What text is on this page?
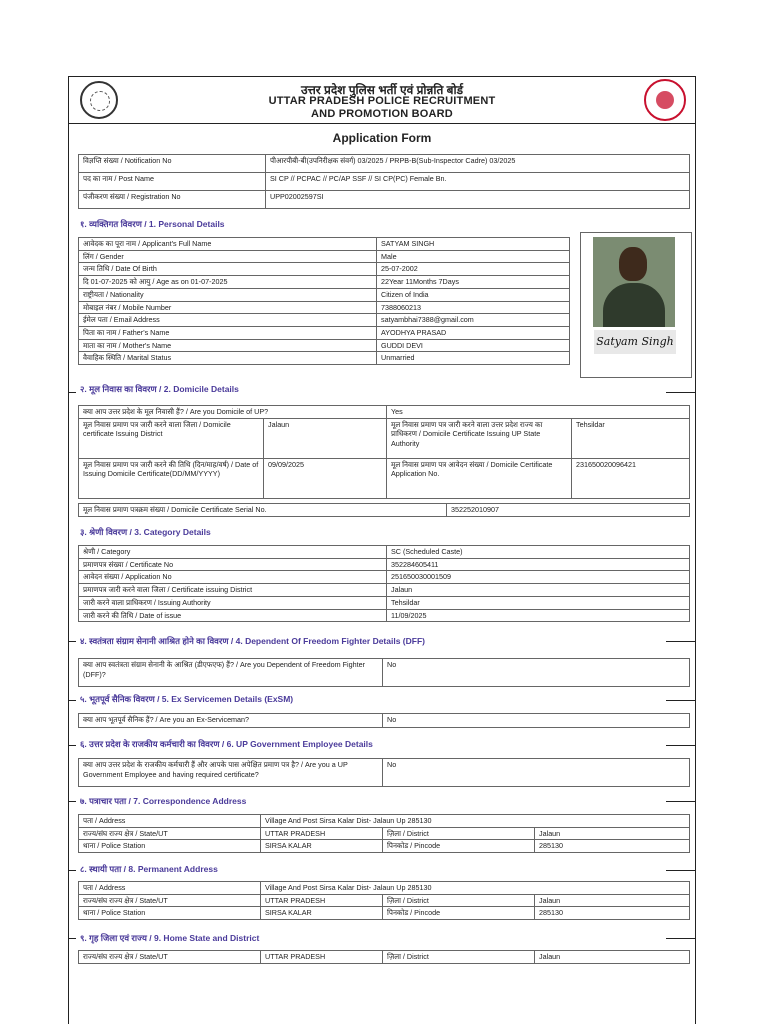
उत्तर प्रदेश पुलिस भर्ती एवं प्रोन्नति बोर्ड
UTTAR PRADESH POLICE RECRUITMENT
AND PROMOTION BOARD
Application Form
विज्ञप्ति संख्या / Notification No	पीआरपीबी-बी(उपनिरीक्षक संवर्ग) 03/2025 / PRPB-B(Sub-Inspector Cadre) 03/2025
पद का नाम / Post Name	SI CP // PCPAC // PC/AP SSF // SI CP(PC) Female Bn.
पंजीकरण संख्या / Registration No	UPP02002597SI
१. व्यक्तिगत विवरण / 1. Personal Details
आवेदक का पूरा नाम / Applicant's Full Name	SATYAM SINGH
लिंग / Gender	Male
जन्म तिथि / Date Of Birth	25-07-2002
दि 01-07-2025 को आयु / Age as on 01-07-2025	22Year 11Months 7Days
राष्ट्रीयता / Nationality	Citizen of India
मोबाइल नंबर / Mobile Number	7388060213
ईमेल पता / Email Address	satyambhai7388@gmail.com
पिता का नाम / Father's Name	AYODHYA PRASAD
माता का नाम / Mother's Name	GUDDI DEVI
वैवाहिक स्थिति / Marital Status	Unmarried
Satyam Singh
२. मूल निवास का विवरण / 2. Domicile Details
क्या आप उत्तर प्रदेश के मूल निवासी हैं? / Are you Domicile of UP?		Yes	
मूल निवास प्रमाण पत्र जारी करने वाला जिला / Domicile certificate Issuing District	Jalaun	मूल निवास प्रमाण पत्र जारी करने वाला उत्तर प्रदेश राज्य का प्राधिकरण / Domicile Certificate Issuing UP State Authority	Tehsildar
मूल निवास प्रमाण पत्र जारी करने की तिथि (दिन/माह/वर्ष) / Date of Issuing Domicile Certificate(DD/MM/YYYY)	09/09/2025	मूल निवास प्रमाण पत्र आवेदन संख्या / Domicile Certificate Application No.	231650020096421
मूल निवास प्रमाण पत्रक्रम संख्या / Domicile Certificate Serial No.	352252010907
३. श्रेणी विवरण / 3. Category Details
श्रेणी / Category	SC (Scheduled Caste)
प्रमाणपत्र संख्या / Certificate No	352284605411
आवेदन संख्या / Application No	251650030001509
प्रमाणपत्र जारी करने वाला जिला / Certificate issuing District	Jalaun
जारी करने वाला प्राधिकरण / Issuing Authority	Tehsildar
जारी करने की तिथि / Date of issue	11/09/2025
४. स्वतंत्रता संग्राम सेनानी आश्रित होने का विवरण / 4. Dependent Of Freedom Fighter Details (DFF)
क्या आप स्वतंत्रता संग्राम सेनानी के आश्रित (डीएफएफ) हैं? / Are you Dependent of Freedom Fighter (DFF)?	No
५. भूतपूर्व सैनिक विवरण / 5. Ex Servicemen Details (ExSM)
क्या आप भूतपूर्व सैनिक हैं? / Are you an Ex-Serviceman?	No
६. उत्तर प्रदेश के राजकीय कर्मचारी का विवरण / 6. UP Government Employee Details
क्या आप उत्तर प्रदेश के राजकीय कर्मचारी हैं और आपके पास अपेक्षित प्रमाण पत्र है? / Are you a UP Government Employee and having required certificate?	No
७. पत्राचार पता / 7. Correspondence Address
पता / Address	Village And Post Sirsa Kalar Dist- Jalaun Up 285130		
राज्य/संघ राज्य क्षेत्र / State/UT	UTTAR PRADESH	ज़िला / District	Jalaun
थाना / Police Station	SIRSA KALAR	पिनकोड / Pincode	285130
८. स्थायी पता / 8. Permanent Address
पता / Address	Village And Post Sirsa Kalar Dist- Jalaun Up 285130		
राज्य/संघ राज्य क्षेत्र / State/UT	UTTAR PRADESH	ज़िला / District	Jalaun
थाना / Police Station	SIRSA KALAR	पिनकोड / Pincode	285130
९. गृह जिला एवं राज्य / 9. Home State and District
राज्य/संघ राज्य क्षेत्र / State/UT	UTTAR PRADESH	ज़िला / District	Jalaun
